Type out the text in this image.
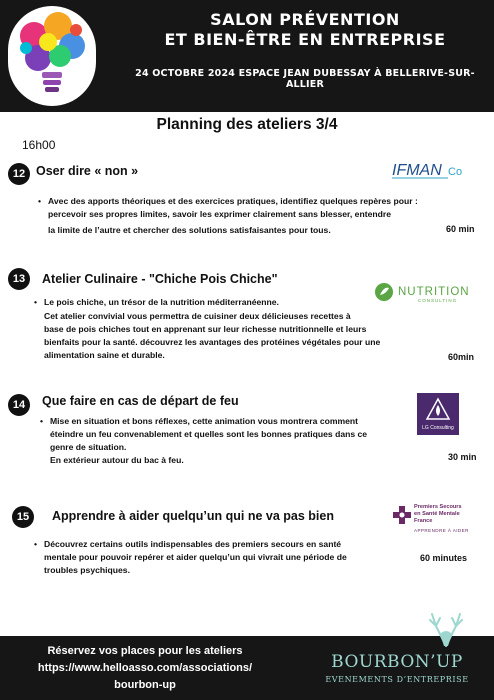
SALON PRÉVENTION
ET BIEN-ÊTRE EN ENTREPRISE
24 OCTOBRE 2024 ESPACE JEAN DUBESSAY À BELLERIVE-SUR-ALLIER
Planning des ateliers 3/4
16h00
12 Oser dire « non »	IFMAN Co
• Avec des apports théoriques et des exercices pratiques, identifiez quelques repères pour :
percevoir ses propres limites, savoir les exprimer clairement sans blesser, entendre
la limite de l’autre et chercher des solutions satisfaisantes pour tous.	60 min
13	Atelier Culinaire - "Chiche Pois Chiche"
NUTRITION
CONSULTING
• Le pois chiche, un trésor de la nutrition méditerranéenne.
Cet atelier convivial vous permettra de cuisiner deux délicieuses recettes à
base de pois chiches tout en apprenant sur leur richesse nutritionnelle et leurs
bienfaits pour la santé. découvrez les avantages des protéines végétales pour une
alimentation saine et durable.	60min
14	Que faire en cas de départ de feu
LG Consulting
• Mise en situation et bons réflexes, cette animation vous montrera comment
éteindre un feu convenablement et quelles sont les bonnes pratiques dans ce
genre de situation.
En extérieur autour du bac à feu.	30 min
15	Apprendre à aider quelqu’un qui ne va pas bien
Premiers Secours
en Santé Mentale
France
APPRENDRE À AIDER
• Découvrez certains outils indispensables des premiers secours en santé
mentale pour pouvoir repérer et aider quelqu’un qui vivrait une période de
troubles psychiques.
60 minutes
Réservez vos places pour les ateliers
https://www.helloasso.com/associations/
bourbon-up
BOURBON’UP
EVENEMENTS D’ENTREPRISE
